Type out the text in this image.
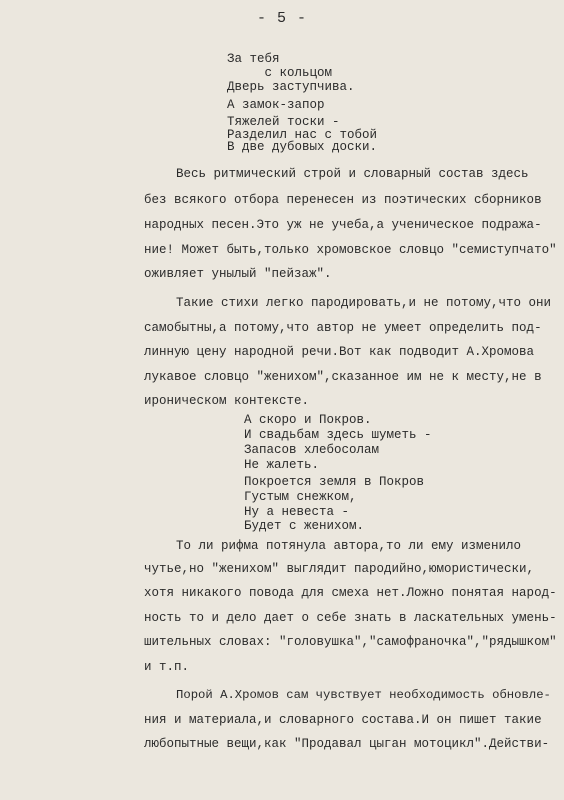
- 5 -
За тебя
с кольцом
Дверь заступчива.
А замок-запор
Тяжелей тоски -
Разделил нас с тобой
В две дубовых доски.
Весь ритмический строй и словарный состав здесь
без всякого отбора перенесен из поэтических сборников
народных песен.Это уж не учеба,а ученическое подража-
ние! Может быть,только хромовское словцо "семиступчато"
оживляет унылый "пейзаж".
Такие стихи легко пародировать,и не потому,что они
самобытны,а потому,что автор не умеет определить под-
линную цену народной речи.Вот как подводит А.Хромова
лукавое словцо "женихом",сказанное им не к месту,не в
ироническом контексте.
А скоро и Покров.
И свадьбам здесь шуметь -
Запасов хлебосолам
Не жалеть.
Покроется земля в Покров
Густым снежком,
Ну а невеста -
Будет с женихом.
То ли рифма потянула автора,то ли ему изменило
чутье,но "женихом" выглядит пародийно,юмористически,
хотя никакого повода для смеха нет.Ложно понятая народ-
ность то и дело дает о себе знать в ласкательных умень-
шительных словах: "головушка","самофраночка","рядышком"
и т.п.
Порой А.Хромов сам чувствует необходимость обновле-
ния и материала,и словарного состава.И он пишет такие
любопытные вещи,как "Продавал цыган мотоцикл".Действи-
